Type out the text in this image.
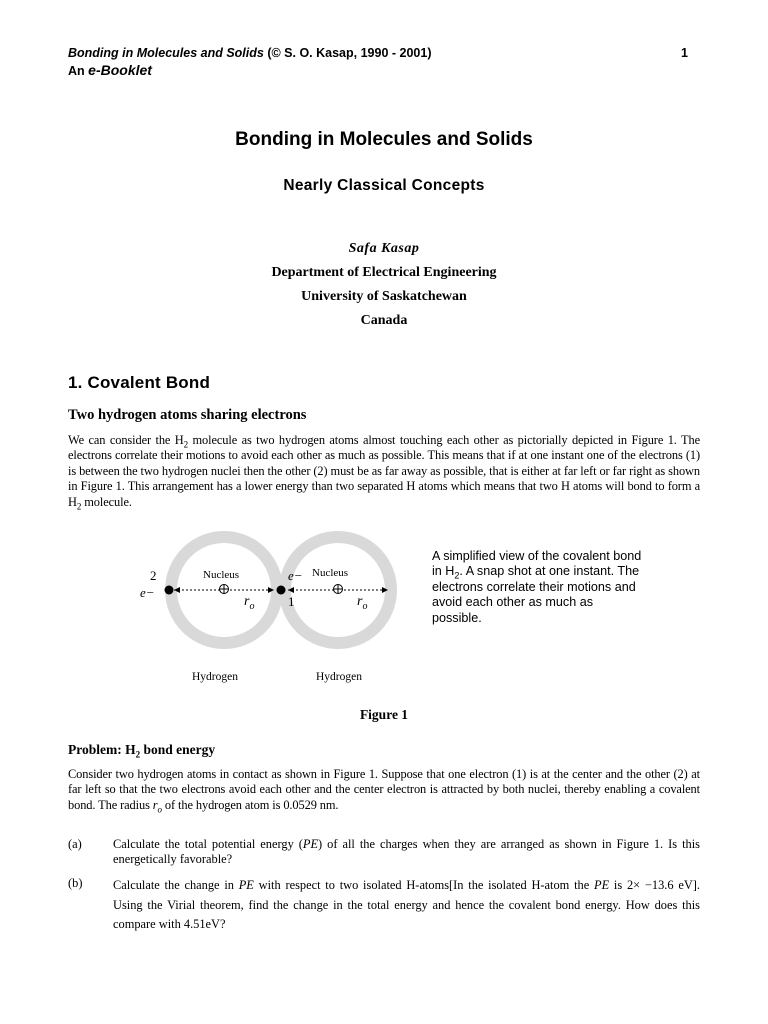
Bonding in Molecules and Solids (© S. O. Kasap, 1990 - 2001)	1
An e-Booklet
Bonding in Molecules and Solids
Nearly Classical Concepts
Safa Kasap
Department of Electrical Engineering
University of Saskatchewan
Canada
1. Covalent Bond
Two hydrogen atoms sharing electrons
We can consider the $H_2$ molecule as two hydrogen atoms almost touching each other as pictorially depicted in Figure 1. The electrons correlate their motions to avoid each other as much as possible. This means that if at one instant one of the electrons (1) is between the two hydrogen nuclei then the other (2) must be as far away as possible, that is either at far left or far right as shown in Figure 1. This arrangement has a lower energy than two separated H atoms which means that two H atoms will bond to form a $H_2$ molecule.
2
e−
Nucleus	Nucleus
e−
1
$r_o$	$r_o$
Hydrogen	Hydrogen
A simplified view of the covalent bond in $H_2$. A snap shot at one instant. The electrons correlate their motions and avoid each other as much as possible.
Figure 1
Problem: $H_2$ bond energy
Consider two hydrogen atoms in contact as shown in Figure 1. Suppose that one electron (1) is at the center and the other (2) at far left so that the two electrons avoid each other and the center electron is attracted by both nuclei, thereby enabling a covalent bond. The radius $r_o$ of the hydrogen atom is 0.0529 nm.
(a)	Calculate the total potential energy (PE) of all the charges when they are arranged as shown in Figure 1. Is this energetically favorable?
(b) Calculate the change in PE with respect to two isolated H-atoms[In the isolated H-atom the PE is 2× −13.6 eV]. Using the Virial theorem, find the change in the total energy and hence the covalent bond energy. How does this compare with 4.51eV?
